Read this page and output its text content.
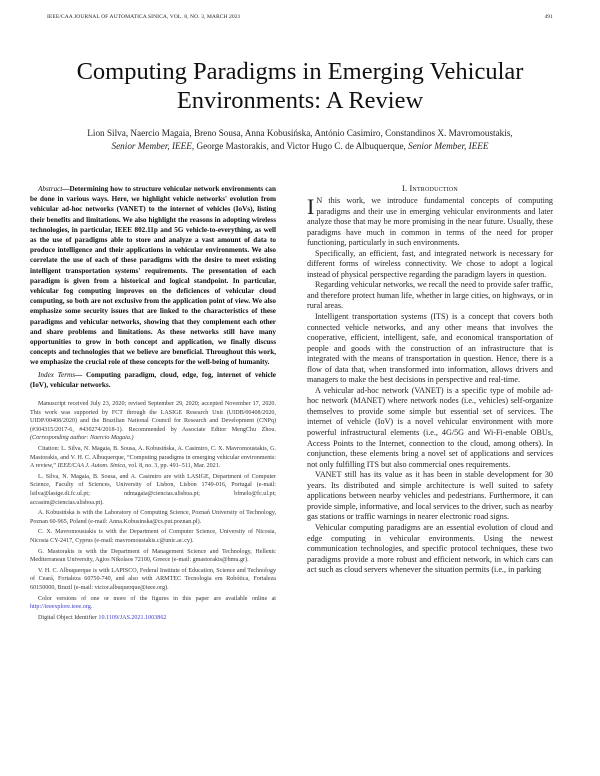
IEEE/CAA JOURNAL OF AUTOMATICA SINICA, VOL. 8, NO. 3, MARCH 2021	491
Computing Paradigms in Emerging Vehicular Environments: A Review
Lion Silva, Naercio Magaia, Breno Sousa, Anna Kobusińska, António Casimiro, Constandinos X. Mavromoustakis,
Senior Member, IEEE, George Mastorakis, and Victor Hugo C. de Albuquerque, Senior Member, IEEE

Abstract—Determining how to structure vehicular network environments can be done in various ways. Here, we highlight vehicle networks' evolution from vehicular ad-hoc networks (VANET) to the internet of vehicles (IoVs), listing their benefits and limitations. We also highlight the reasons in adopting wireless technologies, in particular, IEEE 802.11p and 5G vehicle-to-everything, as well as the use of paradigms able to store and analyze a vast amount of data to produce intelligence and their applications in vehicular environments. We also correlate the use of each of these paradigms with the desire to meet existing intelligent transportation systems' requirements. The presentation of each paradigm is given from a historical and logical standpoint. In particular, vehicular fog computing improves on the deficiences of vehicular cloud computing, so both are not exclusive from the application point of view. We also emphasize some security issues that are linked to the characteristics of these paradigms and vehicular networks, showing that they complement each other and share problems and limitations. As these networks still have many opportunities to grow in both concept and application, we finally discuss concepts and technologies that we believe are beneficial. Throughout this work, we emphasize the crucial role of these concepts for the well-being of humanity.

Index Terms— Computing paradigm, cloud, edge, fog, internet of vehicle (IoV), vehicular networks.

Manuscript received July 23, 2020; revised September 29, 2020; accepted November 17, 2020. This work was supported by FCT through the LASIGE Research Unit (UIDB/00408/2020, UIDP/00408/2020) and the Brazilian National Council for Research and Development (CNPq) (#304315/2017-6, #430274/2018-1). Recommended by Associate Editor MengChu Zhou. (Corresponding author: Naercio Magaia.)

Citation: L. Silva, N. Magaia, B. Sousa, A. Kobusińska, A. Casimiro, C. X. Mavromoustakis, G. Mastorakis, and V. H. C. Albuquerque, “Computing paradigms in emerging vehicular environments: A review,” IEEE/CAA J. Autom. Sinica, vol. 8, no. 3, pp. 491–511, Mar. 2021.

L. Silva, N. Magaia, B. Sousa, and A. Casimiro are with LASIGE, Department of Computer Science, Faculty of Sciences, University of Lisbon, Lisbon 1749-016, Portugal (e-mail: lsilva@lasige.di.fc.ul.pt; ndmagaia@ciencias.ulisboa.pt; bfmelo@fc.ul.pt; accasim@ciencias.ulisboa.pt).

A. Kobusińska is with the Laboratory of Computing Science, Poznań University of Technology, Poznan 60-965, Poland (e-mail: Anna.Kobusinska@cs.put.poznan.pl).

C. X. Mavromoustakis is with the Department of Computer Science, University of Nicosia, Nicosia CY-2417, Cyprus (e-mail: mavromoustakis.c@unic.ac.cy).

G. Mastorakis is with the Department of Management Science and Technology, Hellenic Mediterranean University, Agios Nikolaos 72100, Greece (e-mail: gmastorakis@hmu.gr).

V. H. C. Albuquerque is with LAPISCO, Federal Institute of Education, Science and Technology of Ceará, Fortaleza 60750-740, and also with ARMTEC Tecnologia em Robótica, Fortaleza 60150000, Brazil (e-mail: victor.albuquerque@ieee.org).

Color versions of one or more of the figures in this paper are available online at http://ieeexplore.ieee.org.

Digital Object Identifier 10.1109/JAS.2021.1003862

I. Introduction

I N this work, we introduce fundamental concepts of computing paradigms and their use in emerging vehicular environments and later analyze those that may be more promising in the near future. Usually, these paradigms have much in common in terms of the need for proper functioning, particularly in such environments.

Specifically, an efficient, fast, and integrated network is necessary for different forms of wireless connectivity. We chose to adopt a logical instead of physical perspective regarding the paradigm layers in question.

Regarding vehicular networks, we recall the need to provide safer traffic, and therefore protect human life, whether in large cities, on highways, or in rural areas.

Intelligent transportation systems (ITS) is a concept that covers both connected vehicle networks, and any other means that involves the cooperative, efficient, intelligent, safe, and economical transportation of people and goods with the construction of an infrastructure that is integrated with the means of transportation in question. Hence, there is a flow of data that, when transformed into information, allows drivers and managers to make the best decisions in perspective and real-time.

A vehicular ad-hoc network (VANET) is a specific type of mobile ad-hoc network (MANET) where network nodes (i.e., vehicles) self-organize themselves to provide some simple but essential set of services. The internet of vehicle (IoV) is a novel vehicular environment with more powerful infrastructural elements (i.e., 4G/5G and Wi-Fi-enable OBUs, Access Points to the Internet, connection to the cloud, among others). In conjunction, these elements bring a novel set of applications and services not only fulfilling ITS but also commercial ones requirements.

VANET still has its value as it has been in stable development for 30 years. Its distributed and simple architecture is well suited to safety applications between nearby vehicles and pedestrians. Furthermore, it can provide simple, informative, and local services to the driver, such as nearby gas stations or traffic warnings in nearer electronic road signs.

Vehicular computing paradigms are an essential evolution of cloud and edge computing in vehicular environments. Using the newest communication technologies, and specific protocol techniques, these two paradigms provide a more robust and efficient network, in which cars can act such as cloud servers whenever the situation permits (i.e., in parking
